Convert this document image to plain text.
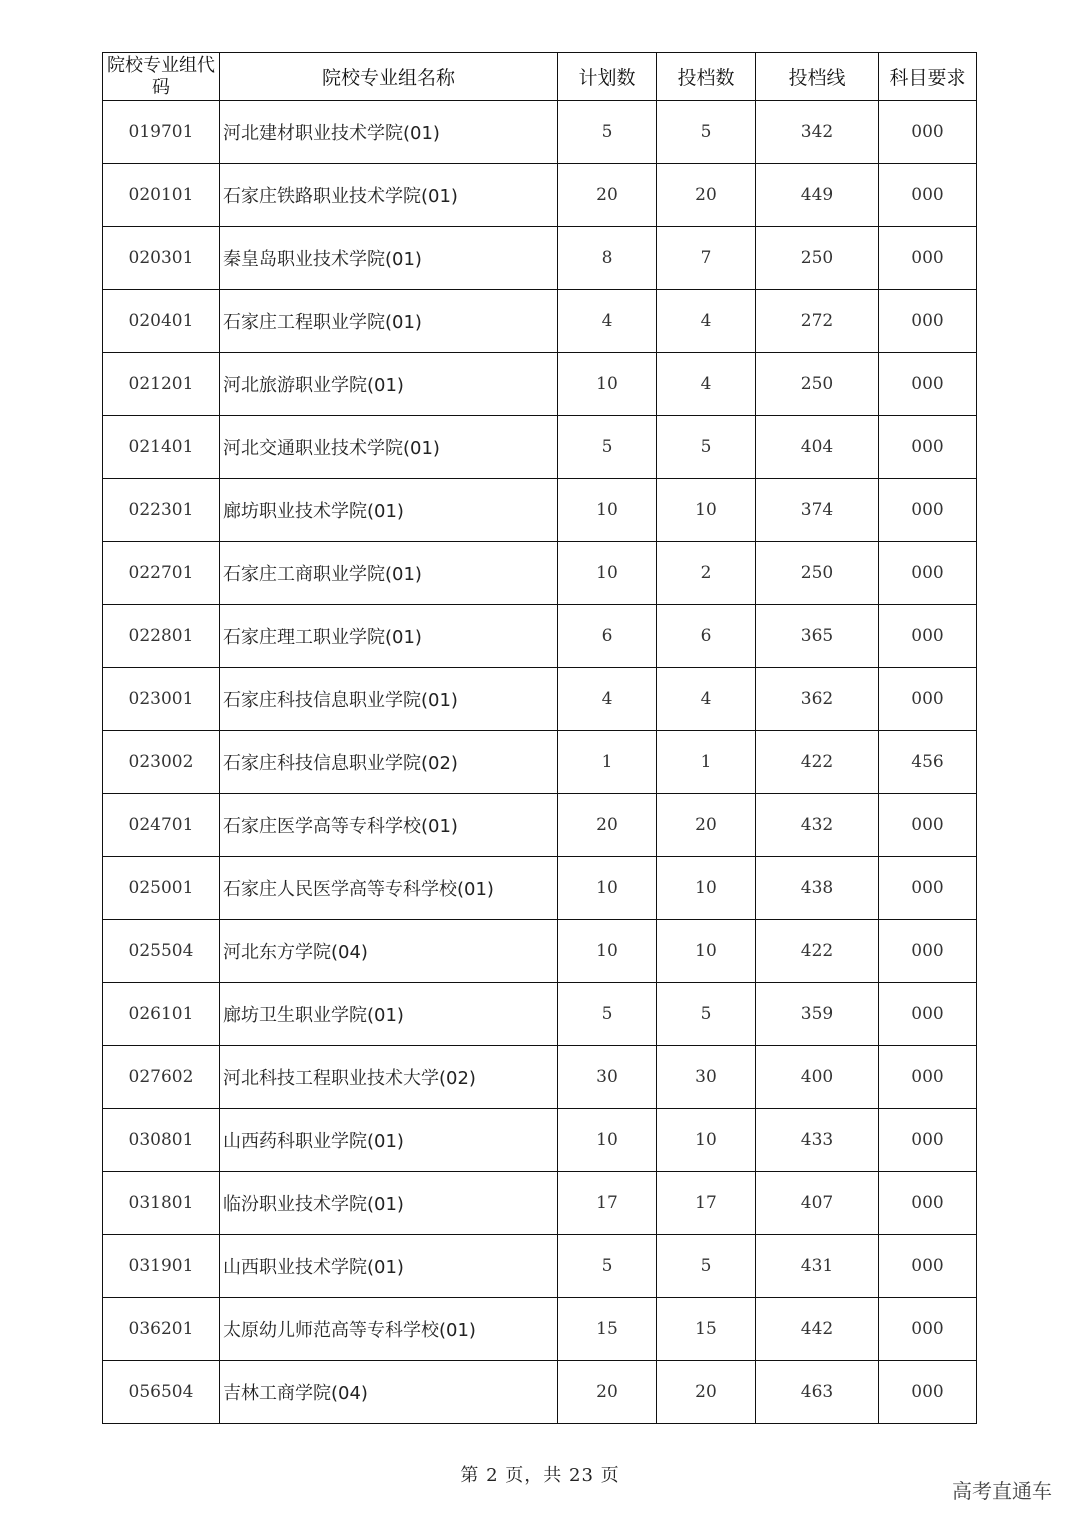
院校专业组代码	院校专业组名称	计划数	投档数	投档线	科目要求
019701	河北建材职业技术学院(01)	5	5	342	000
020101	石家庄铁路职业技术学院(01)	20	20	449	000
020301	秦皇岛职业技术学院(01)	8	7	250	000
020401	石家庄工程职业学院(01)	4	4	272	000
021201	河北旅游职业学院(01)	10	4	250	000
021401	河北交通职业技术学院(01)	5	5	404	000
022301	廊坊职业技术学院(01)	10	10	374	000
022701	石家庄工商职业学院(01)	10	2	250	000
022801	石家庄理工职业学院(01)	6	6	365	000
023001	石家庄科技信息职业学院(01)	4	4	362	000
023002	石家庄科技信息职业学院(02)	1	1	422	456
024701	石家庄医学高等专科学校(01)	20	20	432	000
025001	石家庄人民医学高等专科学校(01)	10	10	438	000
025504	河北东方学院(04)	10	10	422	000
026101	廊坊卫生职业学院(01)	5	5	359	000
027602	河北科技工程职业技术大学(02)	30	30	400	000
030801	山西药科职业学院(01)	10	10	433	000
031801	临汾职业技术学院(01)	17	17	407	000
031901	山西职业技术学院(01)	5	5	431	000
036201	太原幼儿师范高等专科学校(01)	15	15	442	000
056504	吉林工商学院(04)	20	20	463	000
第 2 页，共 23 页
高考直通车
